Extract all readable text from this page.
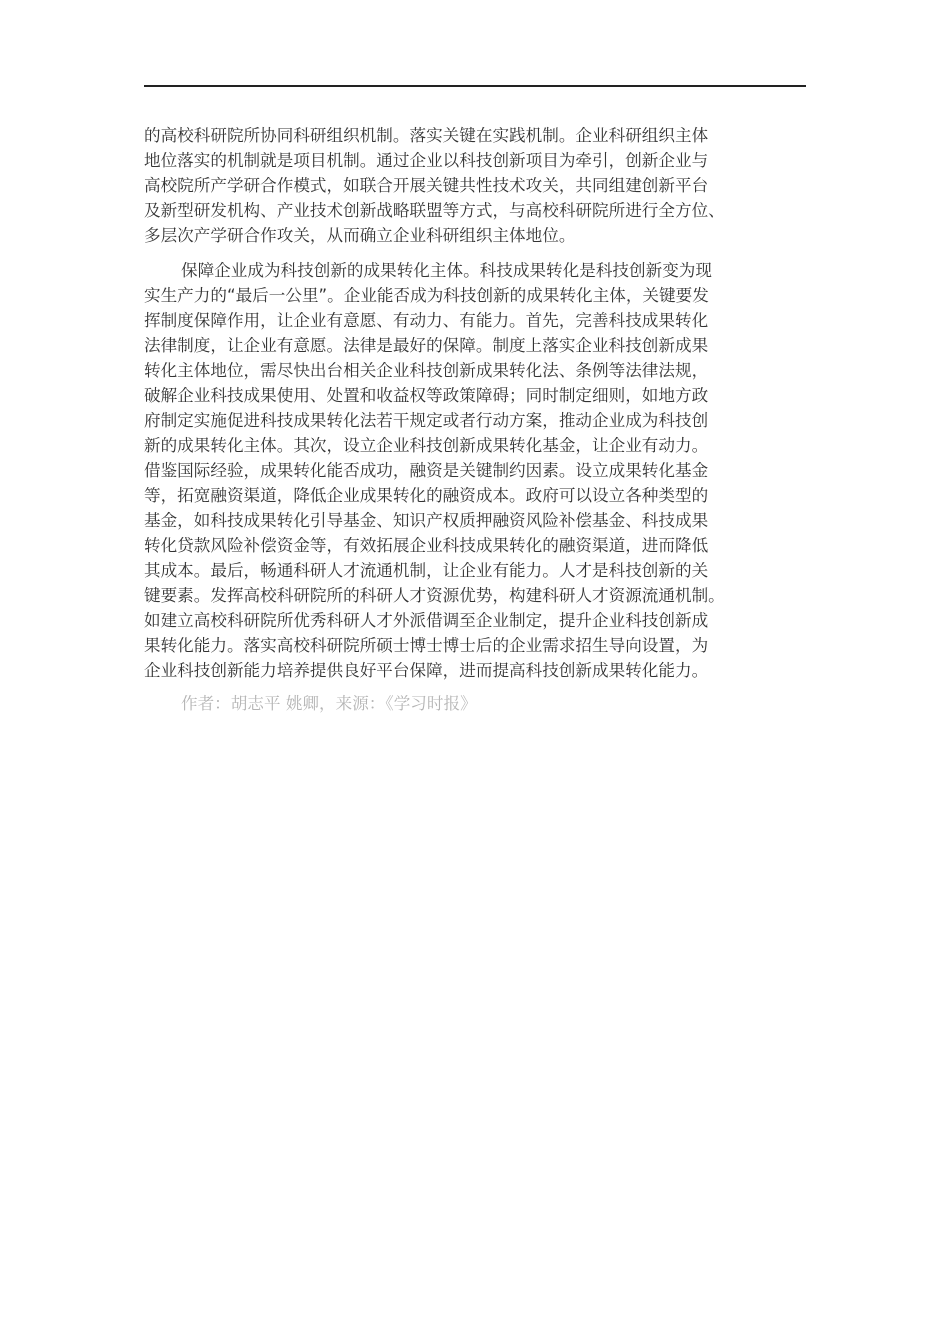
的高校科研院所协同科研组织机制。落实关键在实践机制。企业科研组织主体
地位落实的机制就是项目机制。通过企业以科技创新项目为牵引，创新企业与
高校院所产学研合作模式，如联合开展关键共性技术攻关，共同组建创新平台
及新型研发机构、产业技术创新战略联盟等方式，与高校科研院所进行全方位、
多层次产学研合作攻关，从而确立企业科研组织主体地位。

保障企业成为科技创新的成果转化主体。科技成果转化是科技创新变为现
实生产力的“最后一公里”。企业能否成为科技创新的成果转化主体，关键要发
挥制度保障作用，让企业有意愿、有动力、有能力。首先，完善科技成果转化
法律制度，让企业有意愿。法律是最好的保障。制度上落实企业科技创新成果
转化主体地位，需尽快出台相关企业科技创新成果转化法、条例等法律法规，
破解企业科技成果使用、处置和收益权等政策障碍；同时制定细则，如地方政
府制定实施促进科技成果转化法若干规定或者行动方案，推动企业成为科技创
新的成果转化主体。其次，设立企业科技创新成果转化基金，让企业有动力。
借鉴国际经验，成果转化能否成功，融资是关键制约因素。设立成果转化基金
等，拓宽融资渠道，降低企业成果转化的融资成本。政府可以设立各种类型的
基金，如科技成果转化引导基金、知识产权质押融资风险补偿基金、科技成果
转化贷款风险补偿资金等，有效拓展企业科技成果转化的融资渠道，进而降低
其成本。最后，畅通科研人才流通机制，让企业有能力。人才是科技创新的关
键要素。发挥高校科研院所的科研人才资源优势，构建科研人才资源流通机制。
如建立高校科研院所优秀科研人才外派借调至企业制定，提升企业科技创新成
果转化能力。落实高校科研院所硕士博士博士后的企业需求招生导向设置，为
企业科技创新能力培养提供良好平台保障，进而提高科技创新成果转化能力。

作者：胡志平 姚卿，来源：《学习时报》
